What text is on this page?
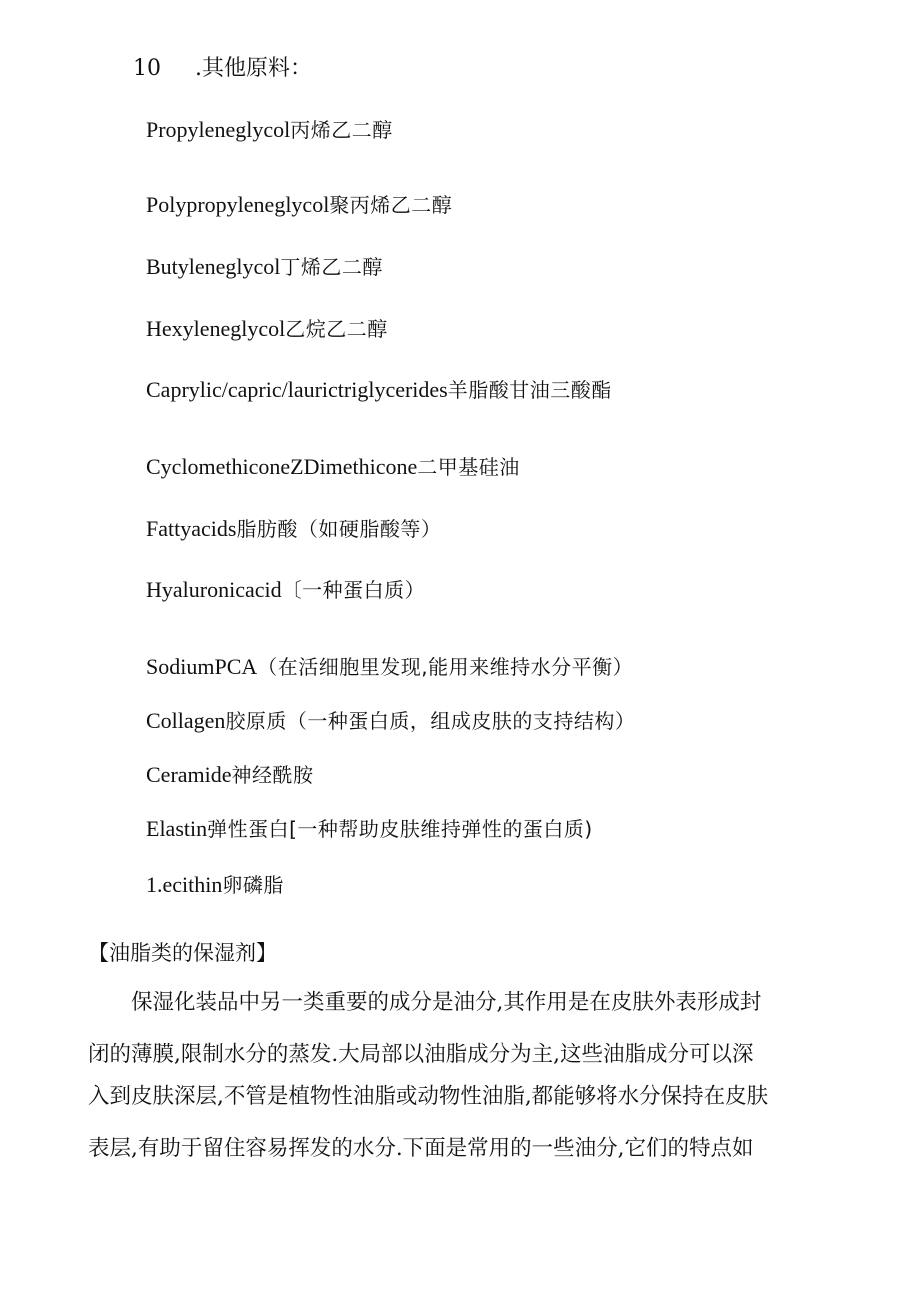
10 .其他原料：
Propyleneglycol丙烯乙二醇
Polypropyleneglycol聚丙烯乙二醇
Butyleneglycol丁烯乙二醇
Hexyleneglycol乙烷乙二醇
Caprylic/capric/laurictriglycerides羊脂酸甘油三酸酯
CyclomethiconeZDimethicone二甲基硅油
Fattyacids脂肪酸（如硬脂酸等）
Hyaluronicacid〔一种蛋白质）
SodiumPCA（在活细胞里发现,能用来维持水分平衡）
Collagen胶原质（一种蛋白质，组成皮肤的支持结构）
Ceramide神经酰胺
Elastin弹性蛋白[一种帮助皮肤维持弹性的蛋白质)
1.ecithin卵磷脂
【油脂类的保湿剂】
　　保湿化装品中另一类重要的成分是油分,其作用是在皮肤外表形成封
闭的薄膜,限制水分的蒸发.大局部以油脂成分为主,这些油脂成分可以深
入到皮肤深层,不管是植物性油脂或动物性油脂,都能够将水分保持在皮肤
表层,有助于留住容易挥发的水分.下面是常用的一些油分,它们的特点如
